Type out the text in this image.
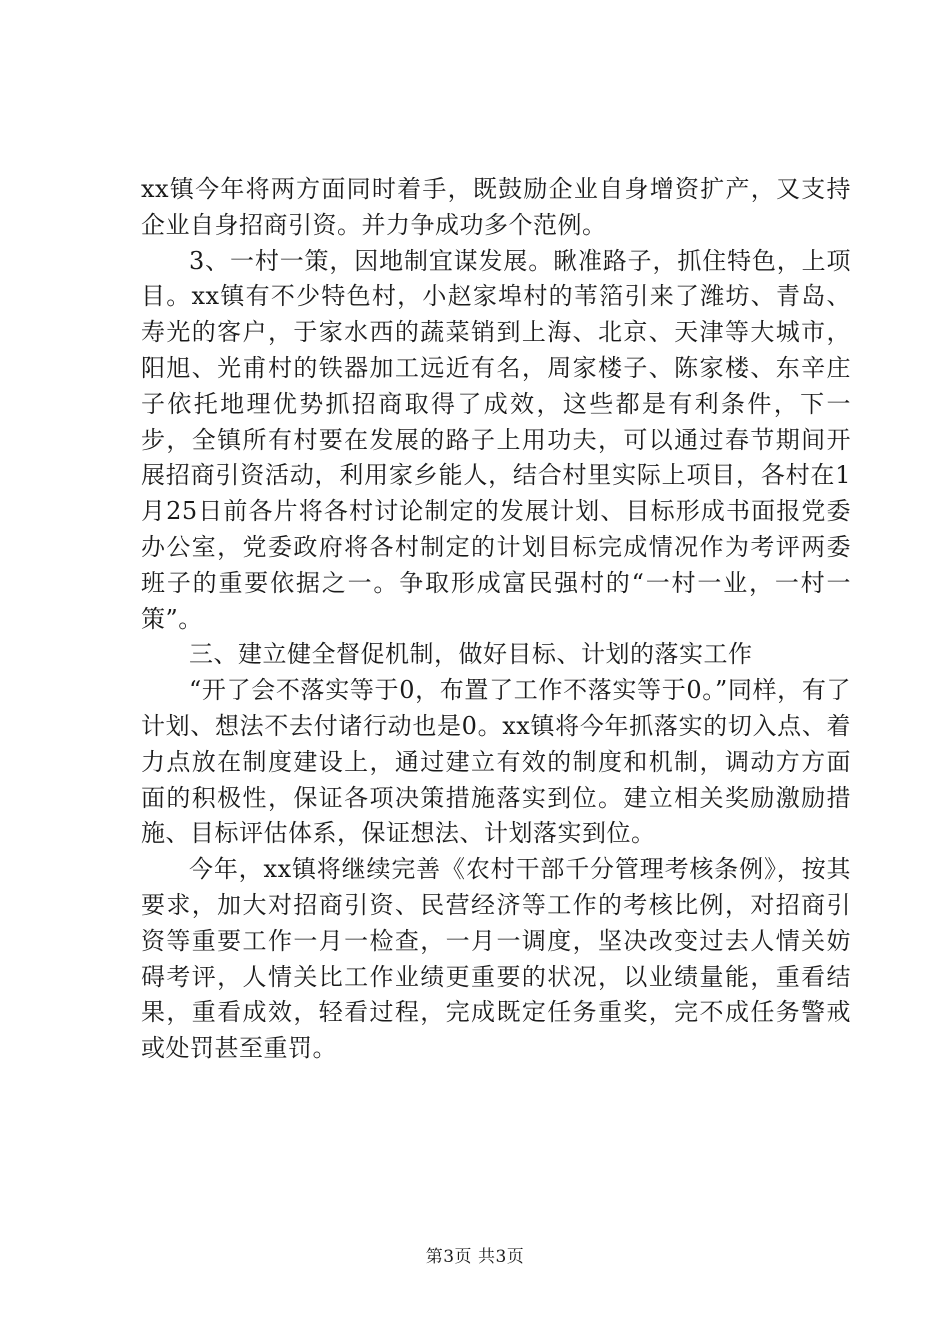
xx镇今年将两方面同时着手，既鼓励企业自身增资扩产，又支持企业自身招商引资。并力争成功多个范例。

3、一村一策，因地制宜谋发展。瞅准路子，抓住特色，上项目。xx镇有不少特色村，小赵家埠村的苇箔引来了潍坊、青岛、寿光的客户，于家水西的蔬菜销到上海、北京、天津等大城市，阳旭、光甫村的铁器加工远近有名，周家楼子、陈家楼、东辛庄子依托地理优势抓招商取得了成效，这些都是有利条件，下一步，全镇所有村要在发展的路子上用功夫，可以通过春节期间开展招商引资活动，利用家乡能人，结合村里实际上项目，各村在1月25日前各片将各村讨论制定的发展计划、目标形成书面报党委办公室，党委政府将各村制定的计划目标完成情况作为考评两委班子的重要依据之一。争取形成富民强村的“一村一业，一村一策”。

三、建立健全督促机制，做好目标、计划的落实工作

“开了会不落实等于0，布置了工作不落实等于0。”同样，有了计划、想法不去付诸行动也是0。xx镇将今年抓落实的切入点、着力点放在制度建设上，通过建立有效的制度和机制，调动方方面面的积极性，保证各项决策措施落实到位。建立相关奖励激励措施、目标评估体系，保证想法、计划落实到位。

今年，xx镇将继续完善《农村干部千分管理考核条例》，按其要求，加大对招商引资、民营经济等工作的考核比例，对招商引资等重要工作一月一检查，一月一调度，坚决改变过去人情关妨碍考评，人情关比工作业绩更重要的状况，以业绩量能，重看结果，重看成效，轻看过程，完成既定任务重奖，完不成任务警戒或处罚甚至重罚。

第3页 共3页
